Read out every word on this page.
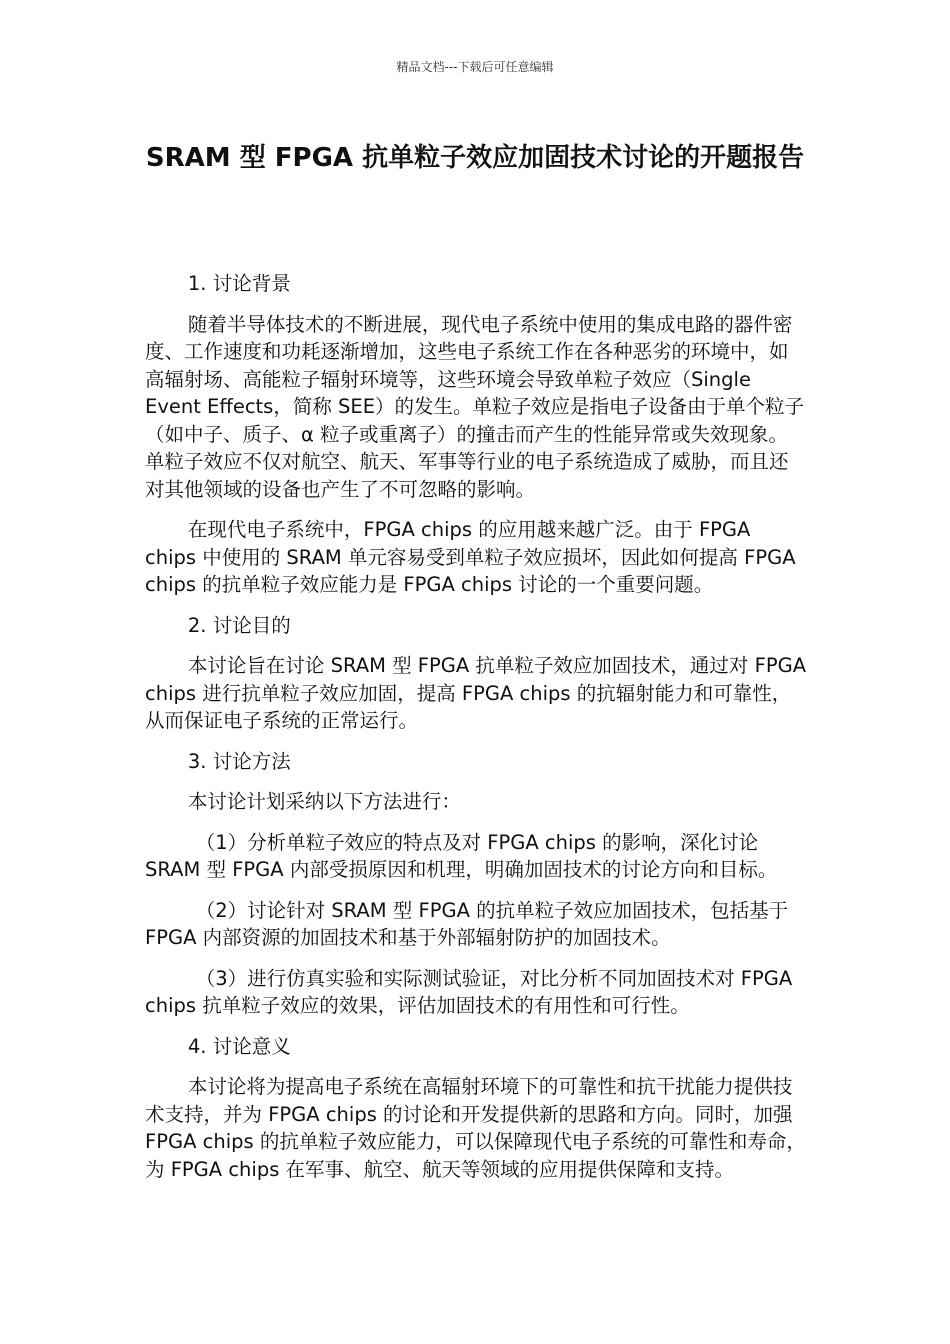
精品文档---下载后可任意编辑
SRAM 型 FPGA 抗单粒子效应加固技术讨论的开题报告

1. 讨论背景

随着半导体技术的不断进展，现代电子系统中使用的集成电路的器件密度、工作速度和功耗逐渐增加，这些电子系统工作在各种恶劣的环境中，如高辐射场、高能粒子辐射环境等，这些环境会导致单粒子效应（Single Event Effects，简称 SEE）的发生。单粒子效应是指电子设备由于单个粒子（如中子、质子、α 粒子或重离子）的撞击而产生的性能异常或失效现象。单粒子效应不仅对航空、航天、军事等行业的电子系统造成了威胁，而且还对其他领域的设备也产生了不可忽略的影响。

在现代电子系统中，FPGA chips 的应用越来越广泛。由于 FPGA chips 中使用的 SRAM 单元容易受到单粒子效应损坏，因此如何提高 FPGA chips 的抗单粒子效应能力是 FPGA chips 讨论的一个重要问题。

2. 讨论目的

本讨论旨在讨论 SRAM 型 FPGA 抗单粒子效应加固技术，通过对 FPGA chips 进行抗单粒子效应加固，提高 FPGA chips 的抗辐射能力和可靠性，从而保证电子系统的正常运行。

3. 讨论方法

本讨论计划采纳以下方法进行：

（1）分析单粒子效应的特点及对 FPGA chips 的影响，深化讨论 SRAM 型 FPGA 内部受损原因和机理，明确加固技术的讨论方向和目标。

（2）讨论针对 SRAM 型 FPGA 的抗单粒子效应加固技术，包括基于 FPGA 内部资源的加固技术和基于外部辐射防护的加固技术。

（3）进行仿真实验和实际测试验证，对比分析不同加固技术对 FPGA chips 抗单粒子效应的效果，评估加固技术的有用性和可行性。

4. 讨论意义

本讨论将为提高电子系统在高辐射环境下的可靠性和抗干扰能力提供技术支持，并为 FPGA chips 的讨论和开发提供新的思路和方向。同时，加强 FPGA chips 的抗单粒子效应能力，可以保障现代电子系统的可靠性和寿命，为 FPGA chips 在军事、航空、航天等领域的应用提供保障和支持。
